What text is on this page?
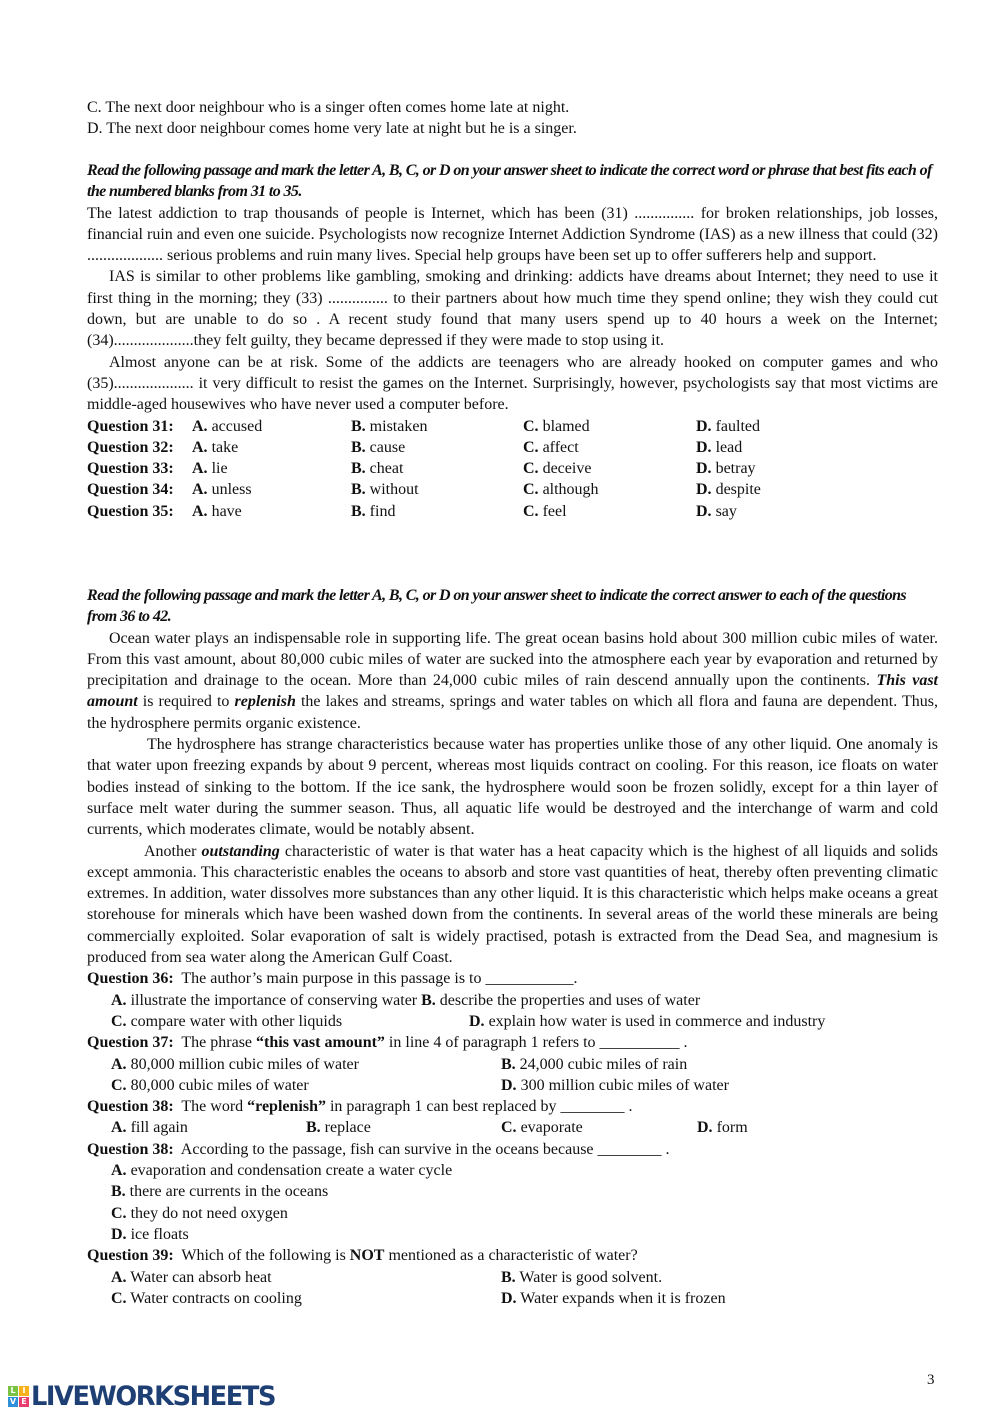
C. The next door neighbour who is a singer often comes home late at night.
D. The next door neighbour comes home very late at night but he is a singer.

Read the following passage and mark the letter A, B, C, or D on your answer sheet to indicate the correct word or phrase that best fits each of the numbered blanks from 31 to 35.

The latest addiction to trap thousands of people is Internet, which has been (31) ............... for broken relationships, job losses, financial ruin and even one suicide. Psychologists now recognize Internet Addiction Syndrome (IAS) as a new illness that could (32) ................... serious problems and ruin many lives. Special help groups have been set up to offer sufferers help and support.

IAS is similar to other problems like gambling, smoking and drinking: addicts have dreams about Internet; they need to use it first thing in the morning; they (33) ............... to their partners about how much time they spend online; they wish they could cut down, but are unable to do so . A recent study found that many users spend up to 40 hours a week on the Internet; (34)....................they felt guilty, they became depressed if they were made to stop using it.

Almost anyone can be at risk. Some of the addicts are teenagers who are already hooked on computer games and who (35).................... it very difficult to resist the games on the Internet. Surprisingly, however, psychologists say that most victims are middle-aged housewives who have never used a computer before.

Question 31: A. accused	B. mistaken	C. blamed	D. faulted
Question 32: A. take	B. cause	C. affect	D. lead
Question 33: A. lie	B. cheat	C. deceive	D. betray
Question 34: A. unless	B. without	C. although	D. despite
Question 35: A. have	B. find	C. feel	D. say

Read the following passage and mark the letter A, B, C, or D on your answer sheet to indicate the correct answer to each of the questions from 36 to 42.

Ocean water plays an indispensable role in supporting life. The great ocean basins hold about 300 million cubic miles of water. From this vast amount, about 80,000 cubic miles of water are sucked into the atmosphere each year by evaporation and returned by precipitation and drainage to the ocean. More than 24,000 cubic miles of rain descend annually upon the continents. This vast amount is required to replenish the lakes and streams, springs and water tables on which all flora and fauna are dependent. Thus, the hydrosphere permits organic existence.

The hydrosphere has strange characteristics because water has properties unlike those of any other liquid. One anomaly is that water upon freezing expands by about 9 percent, whereas most liquids contract on cooling. For this reason, ice floats on water bodies instead of sinking to the bottom. If the ice sank, the hydrosphere would soon be frozen solidly, except for a thin layer of surface melt water during the summer season. Thus, all aquatic life would be destroyed and the interchange of warm and cold currents, which moderates climate, would be notably absent.

Another outstanding characteristic of water is that water has a heat capacity which is the highest of all liquids and solids except ammonia. This characteristic enables the oceans to absorb and store vast quantities of heat, thereby often preventing climatic extremes. In addition, water dissolves more substances than any other liquid. It is this characteristic which helps make oceans a great storehouse for minerals which have been washed down from the continents. In several areas of the world these minerals are being commercially exploited. Solar evaporation of salt is widely practised, potash is extracted from the Dead Sea, and magnesium is produced from sea water along the American Gulf Coast.

Question 36:  The author’s main purpose in this passage is to ___________.
A. illustrate the importance of conserving water B. describe the properties and uses of water
C. compare water with other liquids	D. explain how water is used in commerce and industry
Question 37:  The phrase “this vast amount” in line 4 of paragraph 1 refers to __________ .
A. 80,000 million cubic miles of water	B. 24,000 cubic miles of rain
C. 80,000 cubic miles of water	D. 300 million cubic miles of water
Question 38:  The word “replenish” in paragraph 1 can best replaced by ________ .
A. fill again	B. replace	C. evaporate	D. form
Question 38:  According to the passage, fish can survive in the oceans because ________ .
A. evaporation and condensation create a water cycle
B. there are currents in the oceans
C. they do not need oxygen
D. ice floats
Question 39:  Which of the following is NOT mentioned as a characteristic of water?
A. Water can absorb heat	B. Water is good solvent.
C. Water contracts on cooling	D. Water expands when it is frozen
L I
V E LIVEWORKSHEETS
3
